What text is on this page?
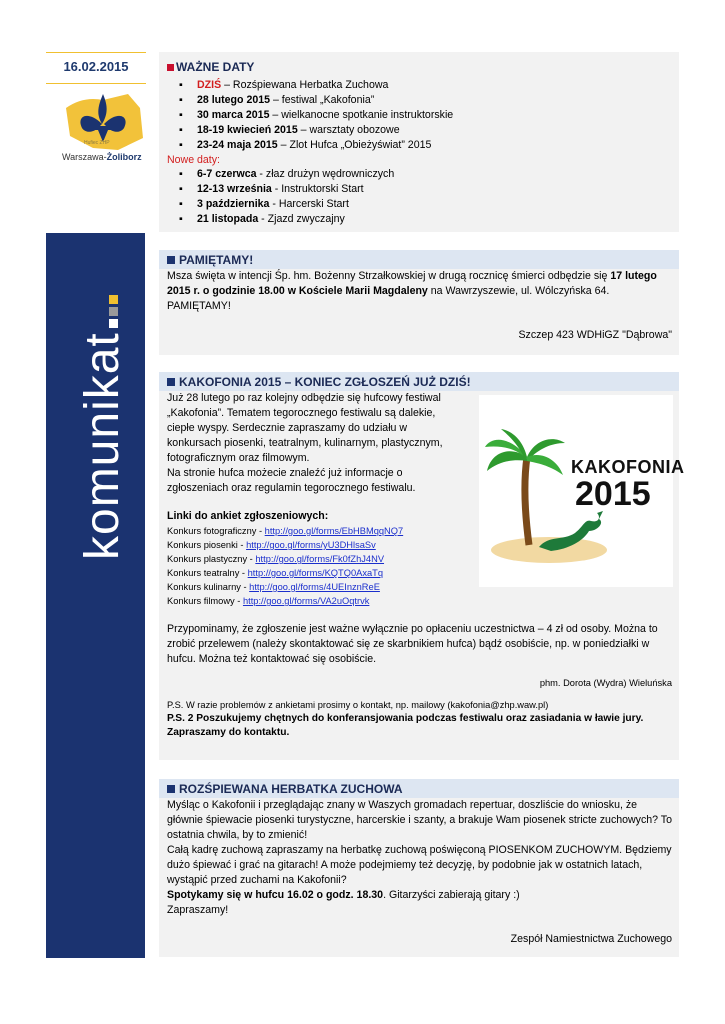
16.02.2015
Hufiec ZHP
Warszawa-Żoliborz
komunikat
WAŻNE DATY
▪ DZIŚ – Rozśpiewana Herbatka Zuchowa
▪ 28 lutego 2015 – festiwal „Kakofonia”
▪ 30 marca 2015 – wielkanocne spotkanie instruktorskie
▪ 18-19 kwiecień 2015 – warsztaty obozowe
▪ 23-24 maja 2015 – Zlot Hufca „Obieżyświat” 2015
Nowe daty:
▪ 6-7 czerwca - złaz drużyn wędrowniczych
▪ 12-13 września - Instruktorski Start
▪ 3 października - Harcerski Start
▪ 21 listopada - Zjazd zwyczajny
PAMIĘTAMY!
Msza święta w intencji Śp. hm. Bożenny Strzałkowskiej w drugą rocznicę śmierci odbędzie się 17 lutego 2015 r. o godzinie 18.00 w Kościele Marii Magdaleny na Wawrzyszewie, ul. Wólczyńska 64.
PAMIĘTAMY!
Szczep 423 WDHiGZ "Dąbrowa"
KAKOFONIA 2015 – KONIEC ZGŁOSZEŃ JUŻ DZIŚ!
Już 28 lutego po raz kolejny odbędzie się hufcowy festiwal „Kakofonia”. Tematem tegorocznego festiwalu są dalekie, ciepłe wyspy. Serdecznie zapraszamy do udziału w konkursach piosenki, teatralnym, kulinarnym, plastycznym, fotograficznym oraz filmowym.
Na stronie hufca możecie znaleźć już informacje o zgłoszeniach oraz regulamin tegorocznego festiwalu.
Linki do ankiet zgłoszeniowych:
Konkurs fotograficzny - http://goo.gl/forms/EbHBMqqNQ7
Konkurs piosenki - http://goo.gl/forms/yU3DHlsaSv
Konkurs plastyczny - http://goo.gl/forms/Fk0fZhJ4NV
Konkurs teatralny - http://goo.gl/forms/KQTQ0AxaTq
Konkurs kulinarny - http://goo.gl/forms/4UEInznReE
Konkurs filmowy - http://goo.gl/forms/VA2uOqtrvk
Przypominamy, że zgłoszenie jest ważne wyłącznie po opłaceniu uczestnictwa – 4 zł od osoby. Można to zrobić przelewem (należy skontaktować się ze skarbnikiem hufca) bądź osobiście, np. w poniedziałki w hufcu. Można też kontaktować się osobiście.
phm. Dorota (Wydra) Wieluńska
P.S. W razie problemów z ankietami prosimy o kontakt, np. mailowy (kakofonia@zhp.waw.pl)
P.S. 2 Poszukujemy chętnych do konferansjowania podczas festiwalu oraz zasiadania w ławie jury. Zapraszamy do kontaktu.
KAKOFONIA
2015
ROZŚPIEWANA HERBATKA ZUCHOWA
Myśląc o Kakofonii i przeglądając znany w Waszych gromadach repertuar, doszliście do wniosku, że głównie śpiewacie piosenki turystyczne, harcerskie i szanty, a brakuje Wam piosenek stricte zuchowych? To ostatnia chwila, by to zmienić!
Całą kadrę zuchową zapraszamy na herbatkę zuchową poświęconą PIOSENKOM ZUCHOWYM. Będziemy dużo śpiewać i grać na gitarach! A może podejmiemy też decyzję, by podobnie jak w ostatnich latach, wystąpić przed zuchami na Kakofonii?
Spotykamy się w hufcu 16.02 o godz. 18.30. Gitarzyści zabierają gitary :)
Zapraszamy!
Zespół Namiestnictwa Zuchowego
